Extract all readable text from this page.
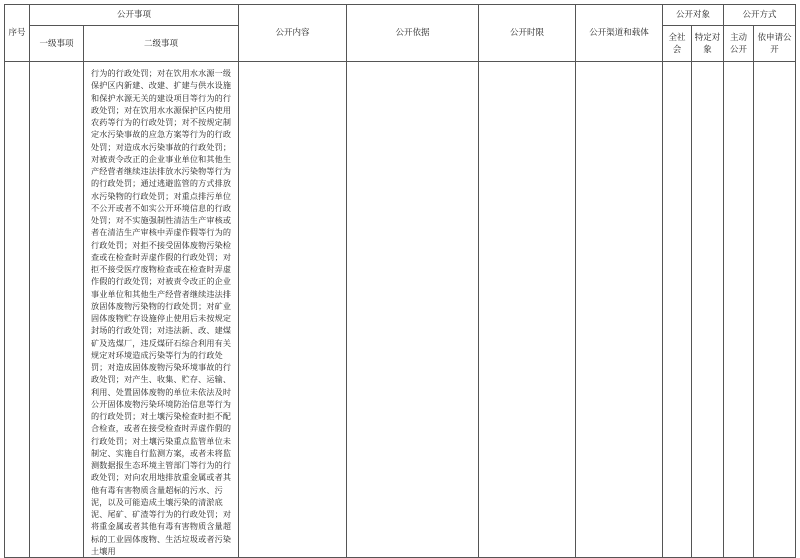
序号	公开事项		公开内容	公开依据	公开时限	公开渠道和载体	公开对象		公开方式	
	一级事项	二级事项					全社会	特定对象	主动公开	依申请公开
		行为的行政处罚；对在饮用水水源一级保护区内新建、改建、扩建与供水设施和保护水源无关的建设项目等行为的行政处罚；对在饮用水水源保护区内使用农药等行为的行政处罚；对不按规定制定水污染事故的应急方案等行为的行政处罚；对造成水污染事故的行政处罚；对被责令改正的企业事业单位和其他生产经营者继续违法排放水污染物等行为的行政处罚；通过逃避监管的方式排放水污染物的行政处罚；对重点排污单位不公开或者不如实公开环境信息的行政处罚；对不实施强制性清洁生产审核或者在清洁生产审核中弄虚作假等行为的行政处罚；对拒不接受固体废物污染检查或在检查时弄虚作假的行政处罚；对拒不接受医疗废物检查或在检查时弄虚作假的行政处罚；对被责令改正的企业事业单位和其他生产经营者继续违法排放固体废物污染物的行政处罚；对矿业固体废物贮存设施停止使用后未按规定封场的行政处罚；对违法新、改、建煤矿及选煤厂，违反煤矸石综合利用有关规定对环境造成污染等行为的行政处罚；对造成固体废物污染环境事故的行政处罚；对产生、收集、贮存、运输、利用、处置固体废物的单位未依法及时公开固体废物污染环境防治信息等行为的行政处罚；对土壤污染检查时拒不配合检查，或者在接受检查时弄虚作假的行政处罚；对土壤污染重点监管单位未制定、实施自行监测方案，或者未将监测数据报生态环境主管部门等行为的行政处罚；对向农用地排放重金属或者其他有毒有害物质含量超标的污水、污泥，以及可能造成土壤污染的清淤底泥、尾矿、矿渣等行为的行政处罚；对将重金属或者其他有毒有害物质含量超标的工业固体废物、生活垃圾或者污染土壤用								
